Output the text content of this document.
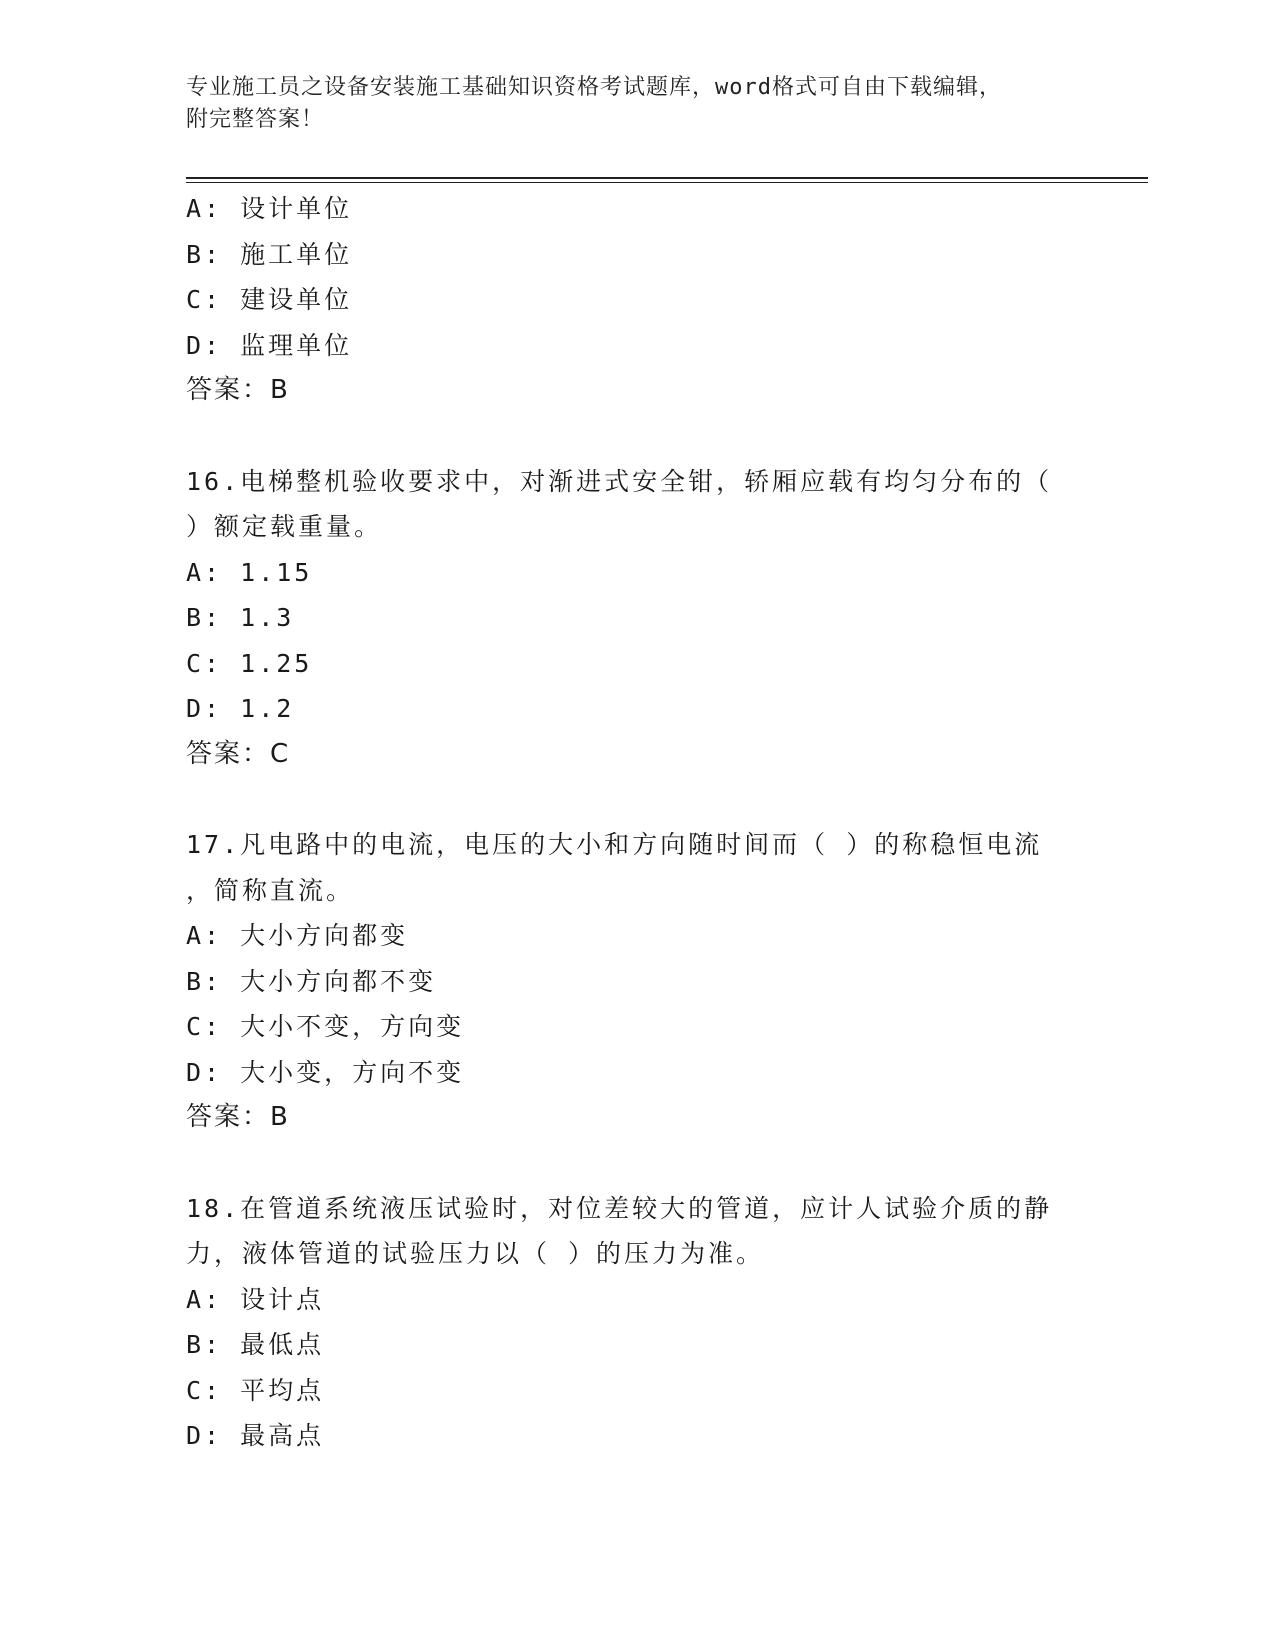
专业施工员之设备安装施工基础知识资格考试题库，word格式可自由下载编辑，
附完整答案！
A: 设计单位
B: 施工单位
C: 建设单位
D: 监理单位
答案：B
16.电梯整机验收要求中，对渐进式安全钳，轿厢应载有均匀分布的（
）额定载重量。
A: 1.15
B: 1.3
C: 1.25
D: 1.2
答案：C
17.凡电路中的电流，电压的大小和方向随时间而（ ）的称稳恒电流
，简称直流。
A: 大小方向都变
B: 大小方向都不变
C: 大小不变，方向变
D: 大小变，方向不变
答案：B
18.在管道系统液压试验时，对位差较大的管道，应计人试验介质的静
力，液体管道的试验压力以（ ）的压力为准。
A: 设计点
B: 最低点
C: 平均点
D: 最高点
